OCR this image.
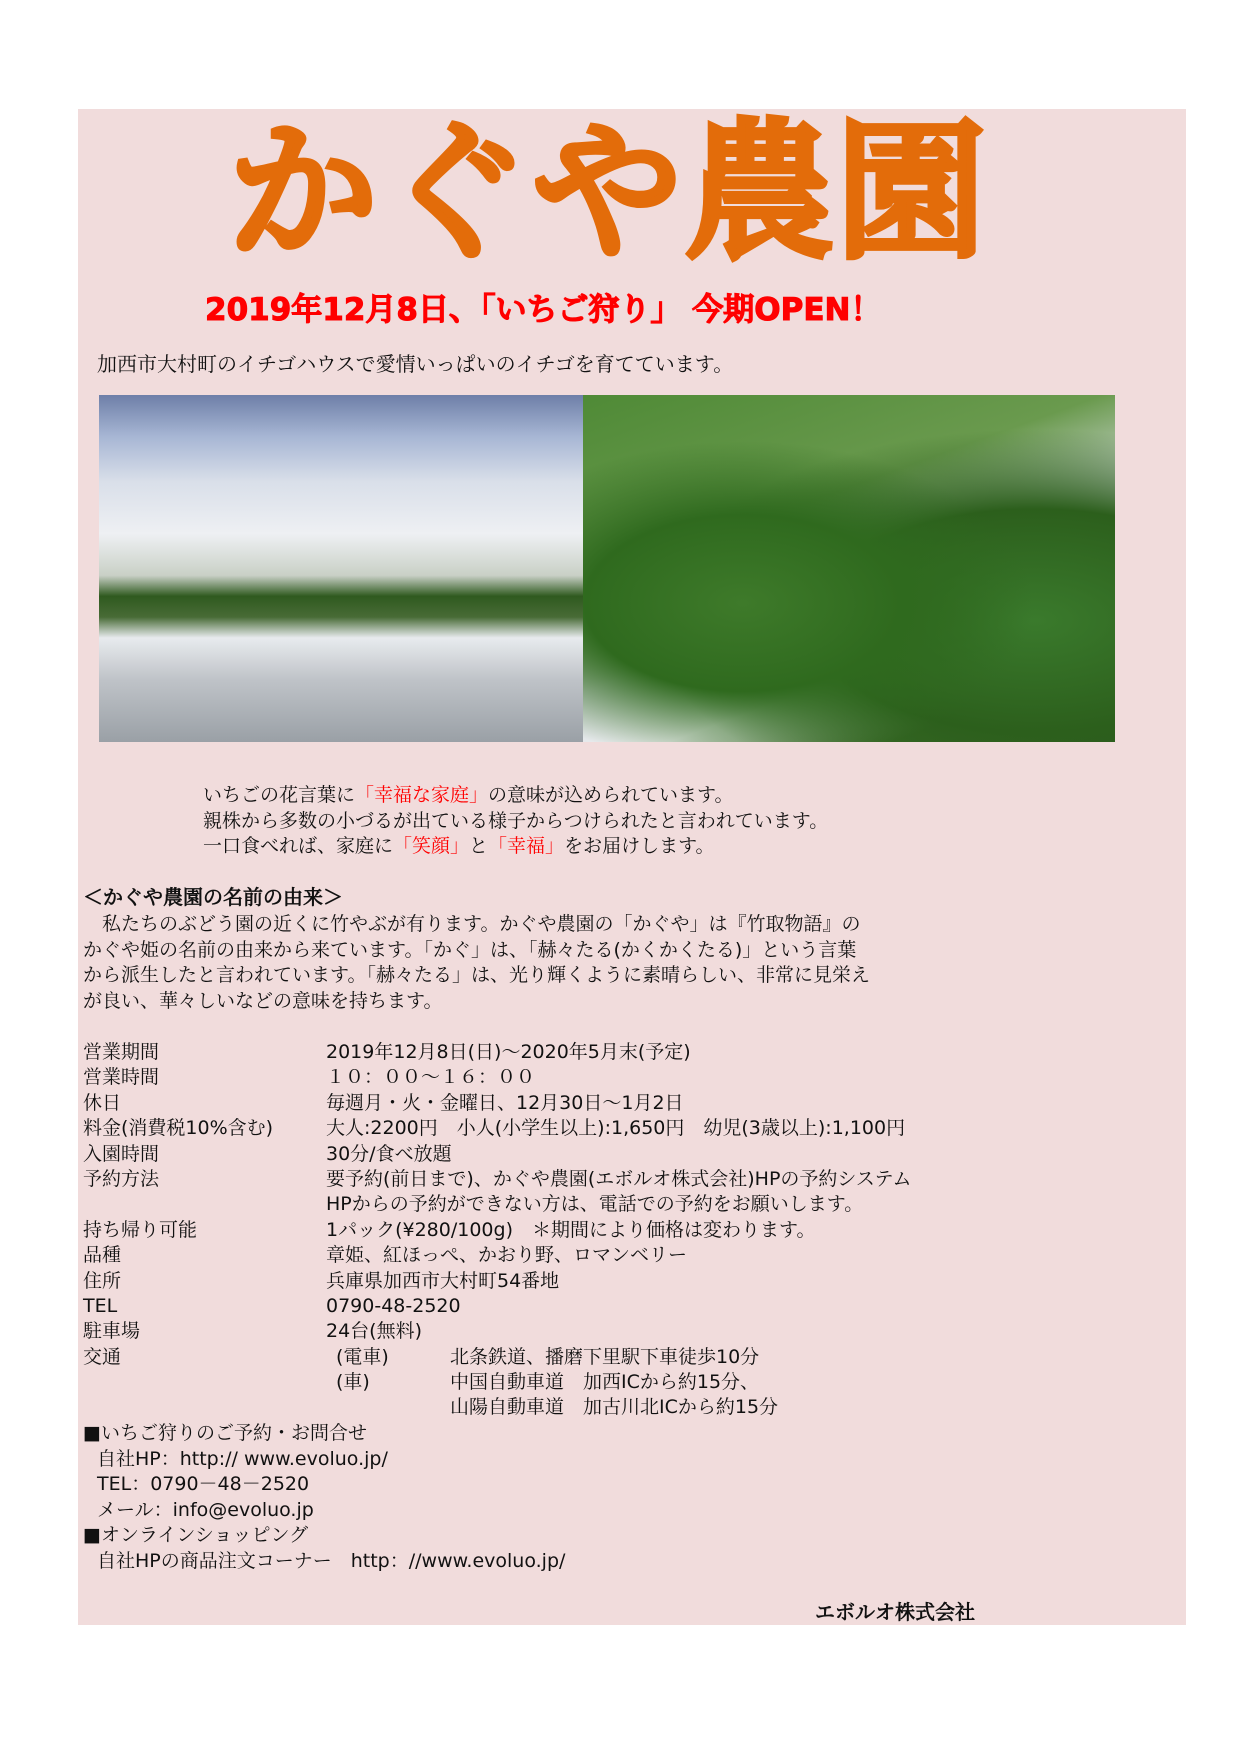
かぐや農園
2019年12月8日、「いちご狩り」 今期OPEN！
加西市大村町のイチゴハウスで愛情いっぱいのイチゴを育てています。
いちごの花言葉に「幸福な家庭」の意味が込められています。
親株から多数の小づるが出ている様子からつけられたと言われています。
一口食べれば、家庭に「笑顔」と「幸福」をお届けします。
＜かぐや農園の名前の由来＞
　私たちのぶどう園の近くに竹やぶが有ります。かぐや農園の「かぐや」は『竹取物語』の
かぐや姫の名前の由来から来ています。「かぐ」は、「赫々たる(かくかくたる)」という言葉
から派生したと言われています。「赫々たる」は、光り輝くように素晴らしい、非常に見栄え
が良い、華々しいなどの意味を持ちます。
営業期間	2019年12月8日(日)～2020年5月末(予定)
営業時間	１０：００～１６：００
休日	毎週月・火・金曜日、12月30日～1月2日
料金(消費税10%含む)	大人:2200円　小人(小学生以上):1,650円　幼児(3歳以上):1,100円
入園時間	30分/食べ放題
予約方法	要予約(前日まで)、かぐや農園(エボルオ株式会社)HPの予約システム
HPからの予約ができない方は、電話での予約をお願いします。
持ち帰り可能	1パック(¥280/100g)　＊期間により価格は変わります。
品種	章姫、紅ほっぺ、かおり野、ロマンベリー
住所	兵庫県加西市大村町54番地
TEL	0790-48-2520
駐車場	24台(無料)
交通	(電車)	北条鉄道、播磨下里駅下車徒歩10分
(車)	中国自動車道　加西ICから約15分、
山陽自動車道　加古川北ICから約15分
■いちご狩りのご予約・お問合せ
自社HP：http:// www.evoluo.jp/
TEL：0790－48－2520
メール：info@evoluo.jp
■オンラインショッピング
自社HPの商品注文コーナー　http：//www.evoluo.jp/
エボルオ株式会社
